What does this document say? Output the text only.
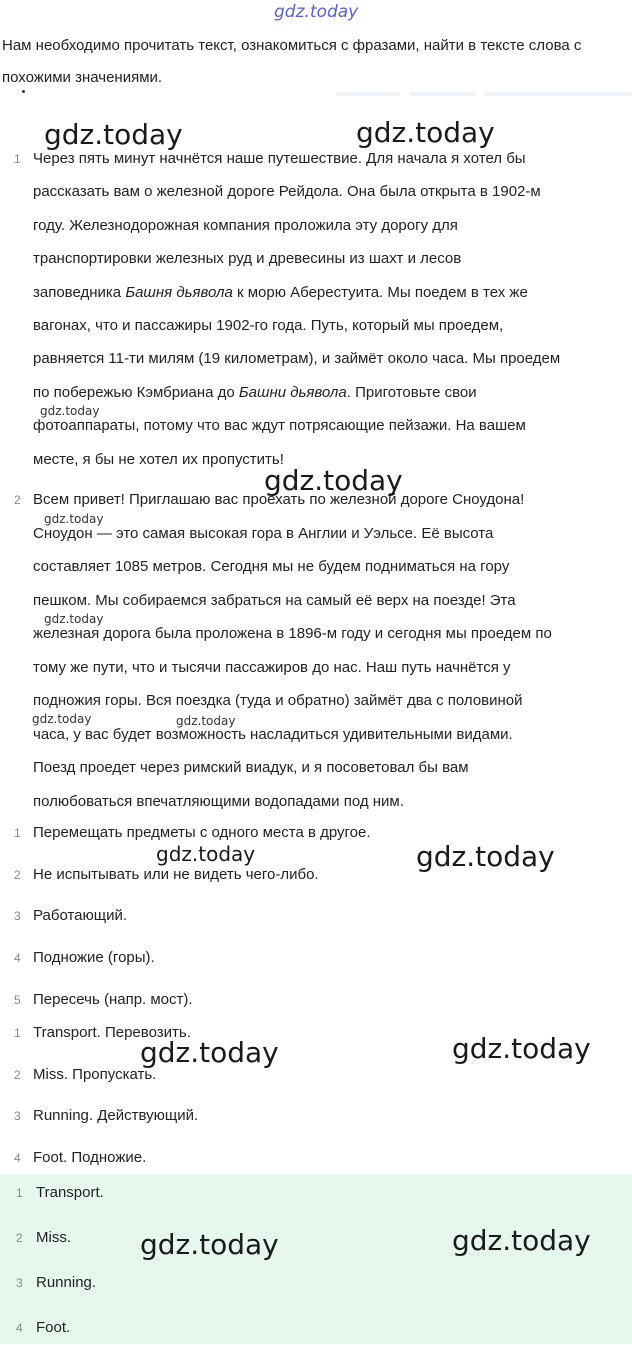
gdz.today
Нам необходимо прочитать текст, ознакомиться с фразами, найти в тексте слова с похожими значениями.
1 Через пять минут начнётся наше путешествие. Для начала я хотел бы
рассказать вам о железной дороге Рейдола. Она была открыта в 1902-м
году. Железнодорожная компания проложила эту дорогу для
транспортировки железных руд и древесины из шахт и лесов
заповедника Башня дьявола к морю Аберестуита. Мы поедем в тех же
вагонах, что и пассажиры 1902-го года. Путь, который мы проедем,
равняется 11-ти милям (19 километрам), и займёт около часа. Мы проедем
по побережью Кэмбриана до Башни дьявола. Приготовьте свои
фотоаппараты, потому что вас ждут потрясающие пейзажи. На вашем
месте, я бы не хотел их пропустить!
2 Всем привет! Приглашаю вас проехать по железной дороге Сноудона!
Сноудон — это самая высокая гора в Англии и Уэльсе. Её высота
составляет 1085 метров. Сегодня мы не будем подниматься на гору
пешком. Мы собираемся забраться на самый её верх на поезде! Эта
железная дорога была проложена в 1896-м году и сегодня мы проедем по
тому же пути, что и тысячи пассажиров до нас. Наш путь начнётся у
подножия горы. Вся поездка (туда и обратно) займёт два с половиной
часа, у вас будет возможность насладиться удивительными видами.
Поезд проедет через римский виадук, и я посоветовал бы вам
полюбоваться впечатляющими водопадами под ним.
1 Перемещать предметы с одного места в другое.
2 Не испытывать или не видеть чего-либо.
3 Работающий.
4 Подножие (горы).
5 Пересечь (напр. мост).
1 Transport. Перевозить.
2 Miss. Пропускать.
3 Running. Действующий.
4 Foot. Подножие.
1 Transport.
2 Miss.
3 Running.
4 Foot.
gdz.today	gdz.today
gdz.today
gdz.today
gdz.today
gdz.today
gdz.today	gdz.today
gdz.today	gdz.today
gdz.today	gdz.today
gdz.today	gdz.today
